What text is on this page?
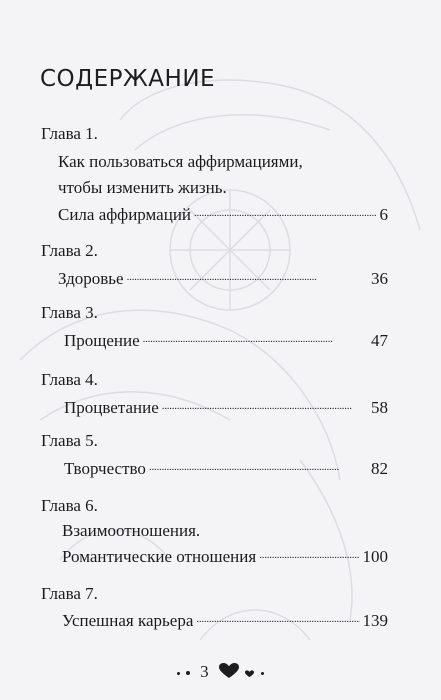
СОДЕРЖАНИЕ
Глава 1.
Как пользоваться аффирмациями,
чтобы изменить жизнь.
Сила аффирмаций . . .	6
Глава 2.
Здоровье . . .	36
Глава 3.
Прощение . . .	47
Глава 4.
Процветание . . .	58
Глава 5.
Творчество . . .	82
Глава 6.
Взаимоотношения.
Романтические отношения . . .	100
Глава 7.
Успешная карьера . . .	139
3
